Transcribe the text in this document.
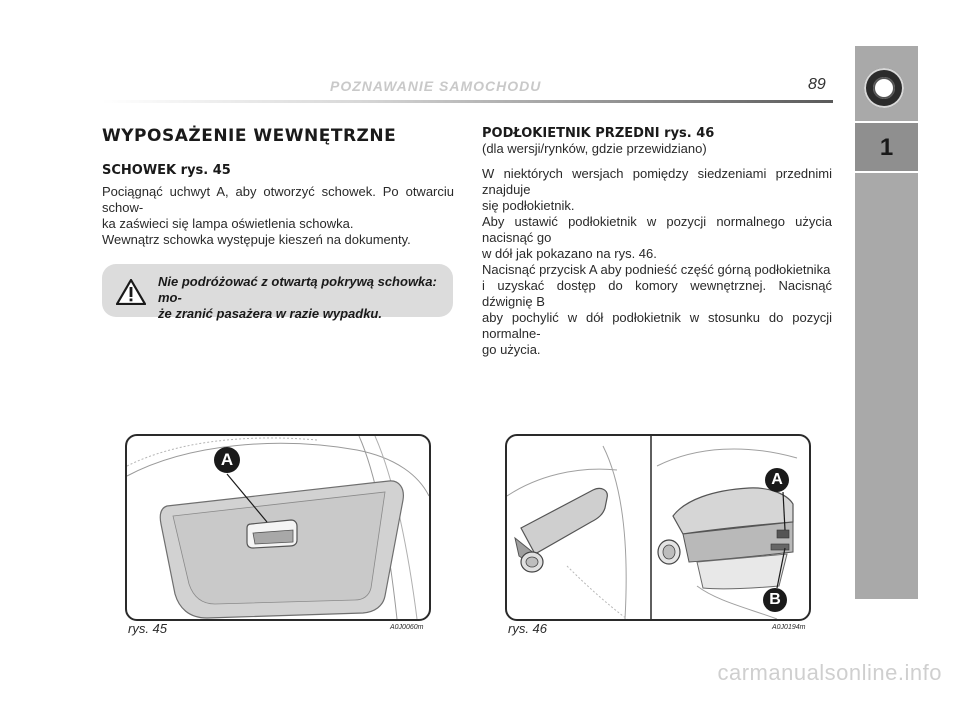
POZNAWANIE SAMOCHODU	89
1
WYPOSAŻENIE WEWNĘTRZNE
SCHOWEK rys. 45
Pociągnąć uchwyt A, aby otworzyć schowek. Po otwarciu schow-
ka zaświeci się lampa oświetlenia schowka.
Wewnątrz schowka występuje kieszeń na dokumenty.
Nie podróżować z otwartą pokrywą schowka: mo-
że zranić pasażera w razie wypadku.
PODŁOKIETNIK PRZEDNI rys. 46
(dla wersji/rynków, gdzie przewidziano)
W niektórych wersjach pomiędzy siedzeniami przednimi znajduje
się podłokietnik.
Aby ustawić podłokietnik w pozycji normalnego użycia nacisnąć go
w dół jak pokazano na rys. 46.
Nacisnąć przycisk A aby podnieść część górną podłokietnika
i uzyskać dostęp do komory wewnętrznej. Nacisnąć dźwignię B
aby pochylić w dół podłokietnik w stosunku do pozycji normalne-
go użycia.
A
rys. 45	A0J0060m
A
B
rys. 46	A0J0194m
carmanualsonline.info
